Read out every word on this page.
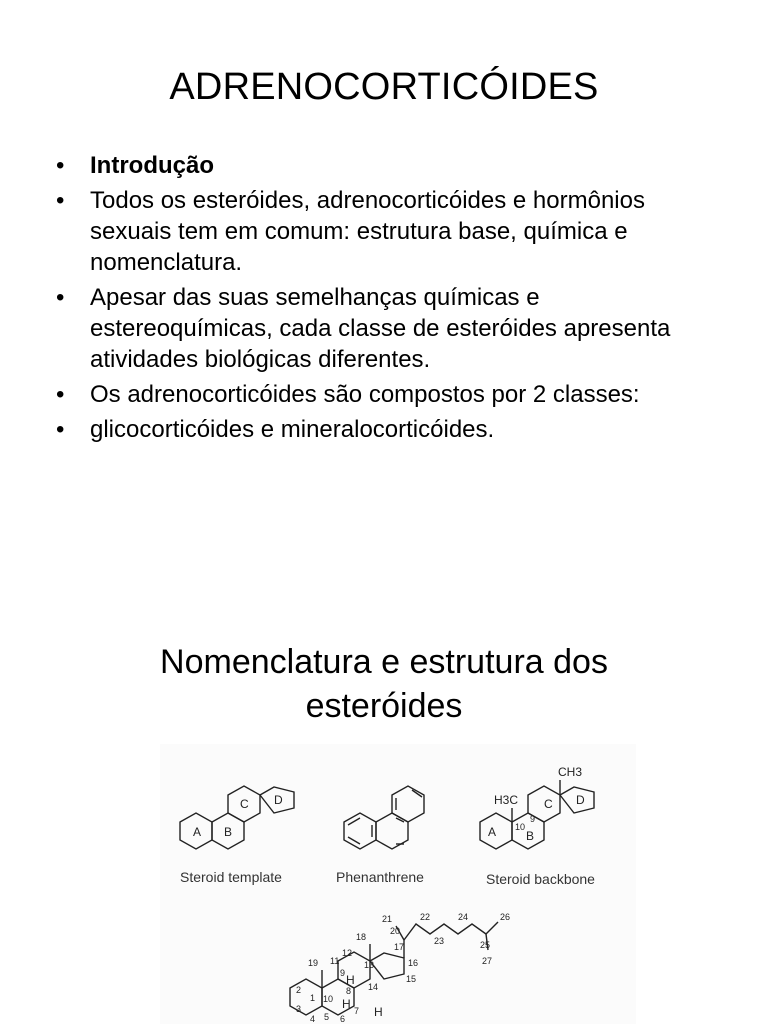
ADRENOCORTICÓIDES
• Introdução
• Todos os esteróides, adrenocorticóides e hormônios sexuais tem em comum: estrutura base, química e nomenclatura.
• Apesar das suas semelhanças químicas e estereoquímicas, cada classe de esteróides apresenta atividades biológicas diferentes.
• Os adrenocorticóides são compostos por 2 classes:
• glicocorticóides e mineralocorticóides.
Nomenclatura e estrutura dos
esteróides
A B
C D
CH3
H3C C
A B
D
10
9
Steroid template	Phenanthrene	Steroid backbone
1
2
3
4 5 6
7
8
9
10
11
12
13
14
15
16
17
18
19
20
21	22
23
24
25
26
27
H
H
H
